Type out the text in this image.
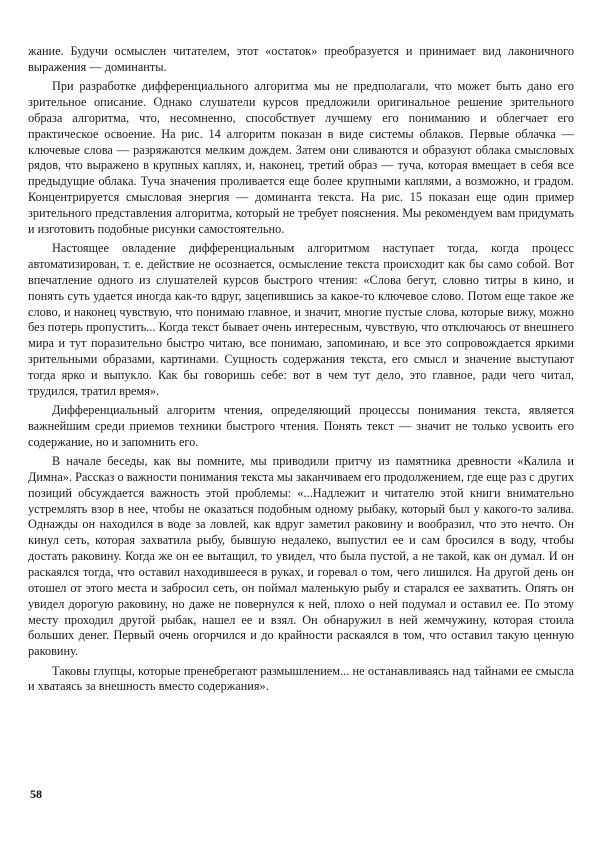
жание. Будучи осмыслен читателем, этот «остаток» преобразуется и принимает вид лаконичного выражения — доминанты.

При разработке дифференциального алгоритма мы не предполагали, что может быть дано его зрительное описание. Однако слушатели курсов предложили оригинальное решение зрительного образа алгоритма, что, несомненно, способствует лучшему его пониманию и облегчает его практическое освоение. На рис. 14 алгоритм показан в виде системы облаков. Первые облачка — ключевые слова — разряжаются мелким дождем. Затем они сливаются и образуют облака смысловых рядов, что выражено в крупных каплях, и, наконец, третий образ — туча, которая вмещает в себя все предыдущие облака. Туча значения проливается еще более крупными каплями, а возможно, и градом. Концентрируется смысловая энергия — доминанта текста. На рис. 15 показан еще один пример зрительного представления алгоритма, который не требует пояснения. Мы рекомендуем вам придумать и изготовить подобные рисунки самостоятельно.

Настоящее овладение дифференциальным алгоритмом наступает тогда, когда процесс автоматизирован, т. е. действие не осознается, осмысление текста происходит как бы само собой. Вот впечатление одного из слушателей курсов быстрого чтения: «Слова бегут, словно титры в кино, и понять суть удается иногда как-то вдруг, зацепившись за какое-то ключевое слово. Потом еще такое же слово, и наконец чувствую, что понимаю главное, и значит, многие пустые слова, которые вижу, можно без потерь пропустить... Когда текст бывает очень интересным, чувствую, что отключаюсь от внешнего мира и тут поразительно быстро читаю, все понимаю, запоминаю, и все это сопровождается яркими зрительными образами, картинами. Сущность содержания текста, его смысл и значение выступают тогда ярко и выпукло. Как бы говоришь себе: вот в чем тут дело, это главное, ради чего читал, трудился, тратил время».

Дифференциальный алгоритм чтения, определяющий процессы понимания текста, является важнейшим среди приемов техники быстрого чтения. Понять текст — значит не только усвоить его содержание, но и запомнить его.

В начале беседы, как вы помните, мы приводили притчу из памятника древности «Калила и Димна». Рассказ о важности понимания текста мы заканчиваем его продолжением, где еще раз с других позиций обсуждается важность этой проблемы: «...Надлежит и читателю этой книги внимательно устремлять взор в нее, чтобы не оказаться подобным одному рыбаку, который был у какого-то залива. Однажды он находился в воде за ловлей, как вдруг заметил раковину и вообразил, что это нечто. Он кинул сеть, которая захватила рыбу, бывшую недалеко, выпустил ее и сам бросился в воду, чтобы достать раковину. Когда же он ее вытащил, то увидел, что была пустой, а не такой, как он думал. И он раскаялся тогда, что оставил находившееся в руках, и горевал о том, чего лишился. На другой день он отошел от этого места и забросил сеть, он поймал маленькую рыбу и старался ее захватить. Опять он увидел дорогую раковину, но даже не повернулся к ней, плохо о ней подумал и оставил ее. По этому месту проходил другой рыбак, нашел ее и взял. Он обнаружил в ней жемчужину, которая стоила больших денег. Первый очень огорчился и до крайности раскаялся в том, что оставил такую ценную раковину.

Таковы глупцы, которые пренебрегают размышлением... не останавливаясь над тайнами ее смысла и хватаясь за внешность вместо содержания».

58
